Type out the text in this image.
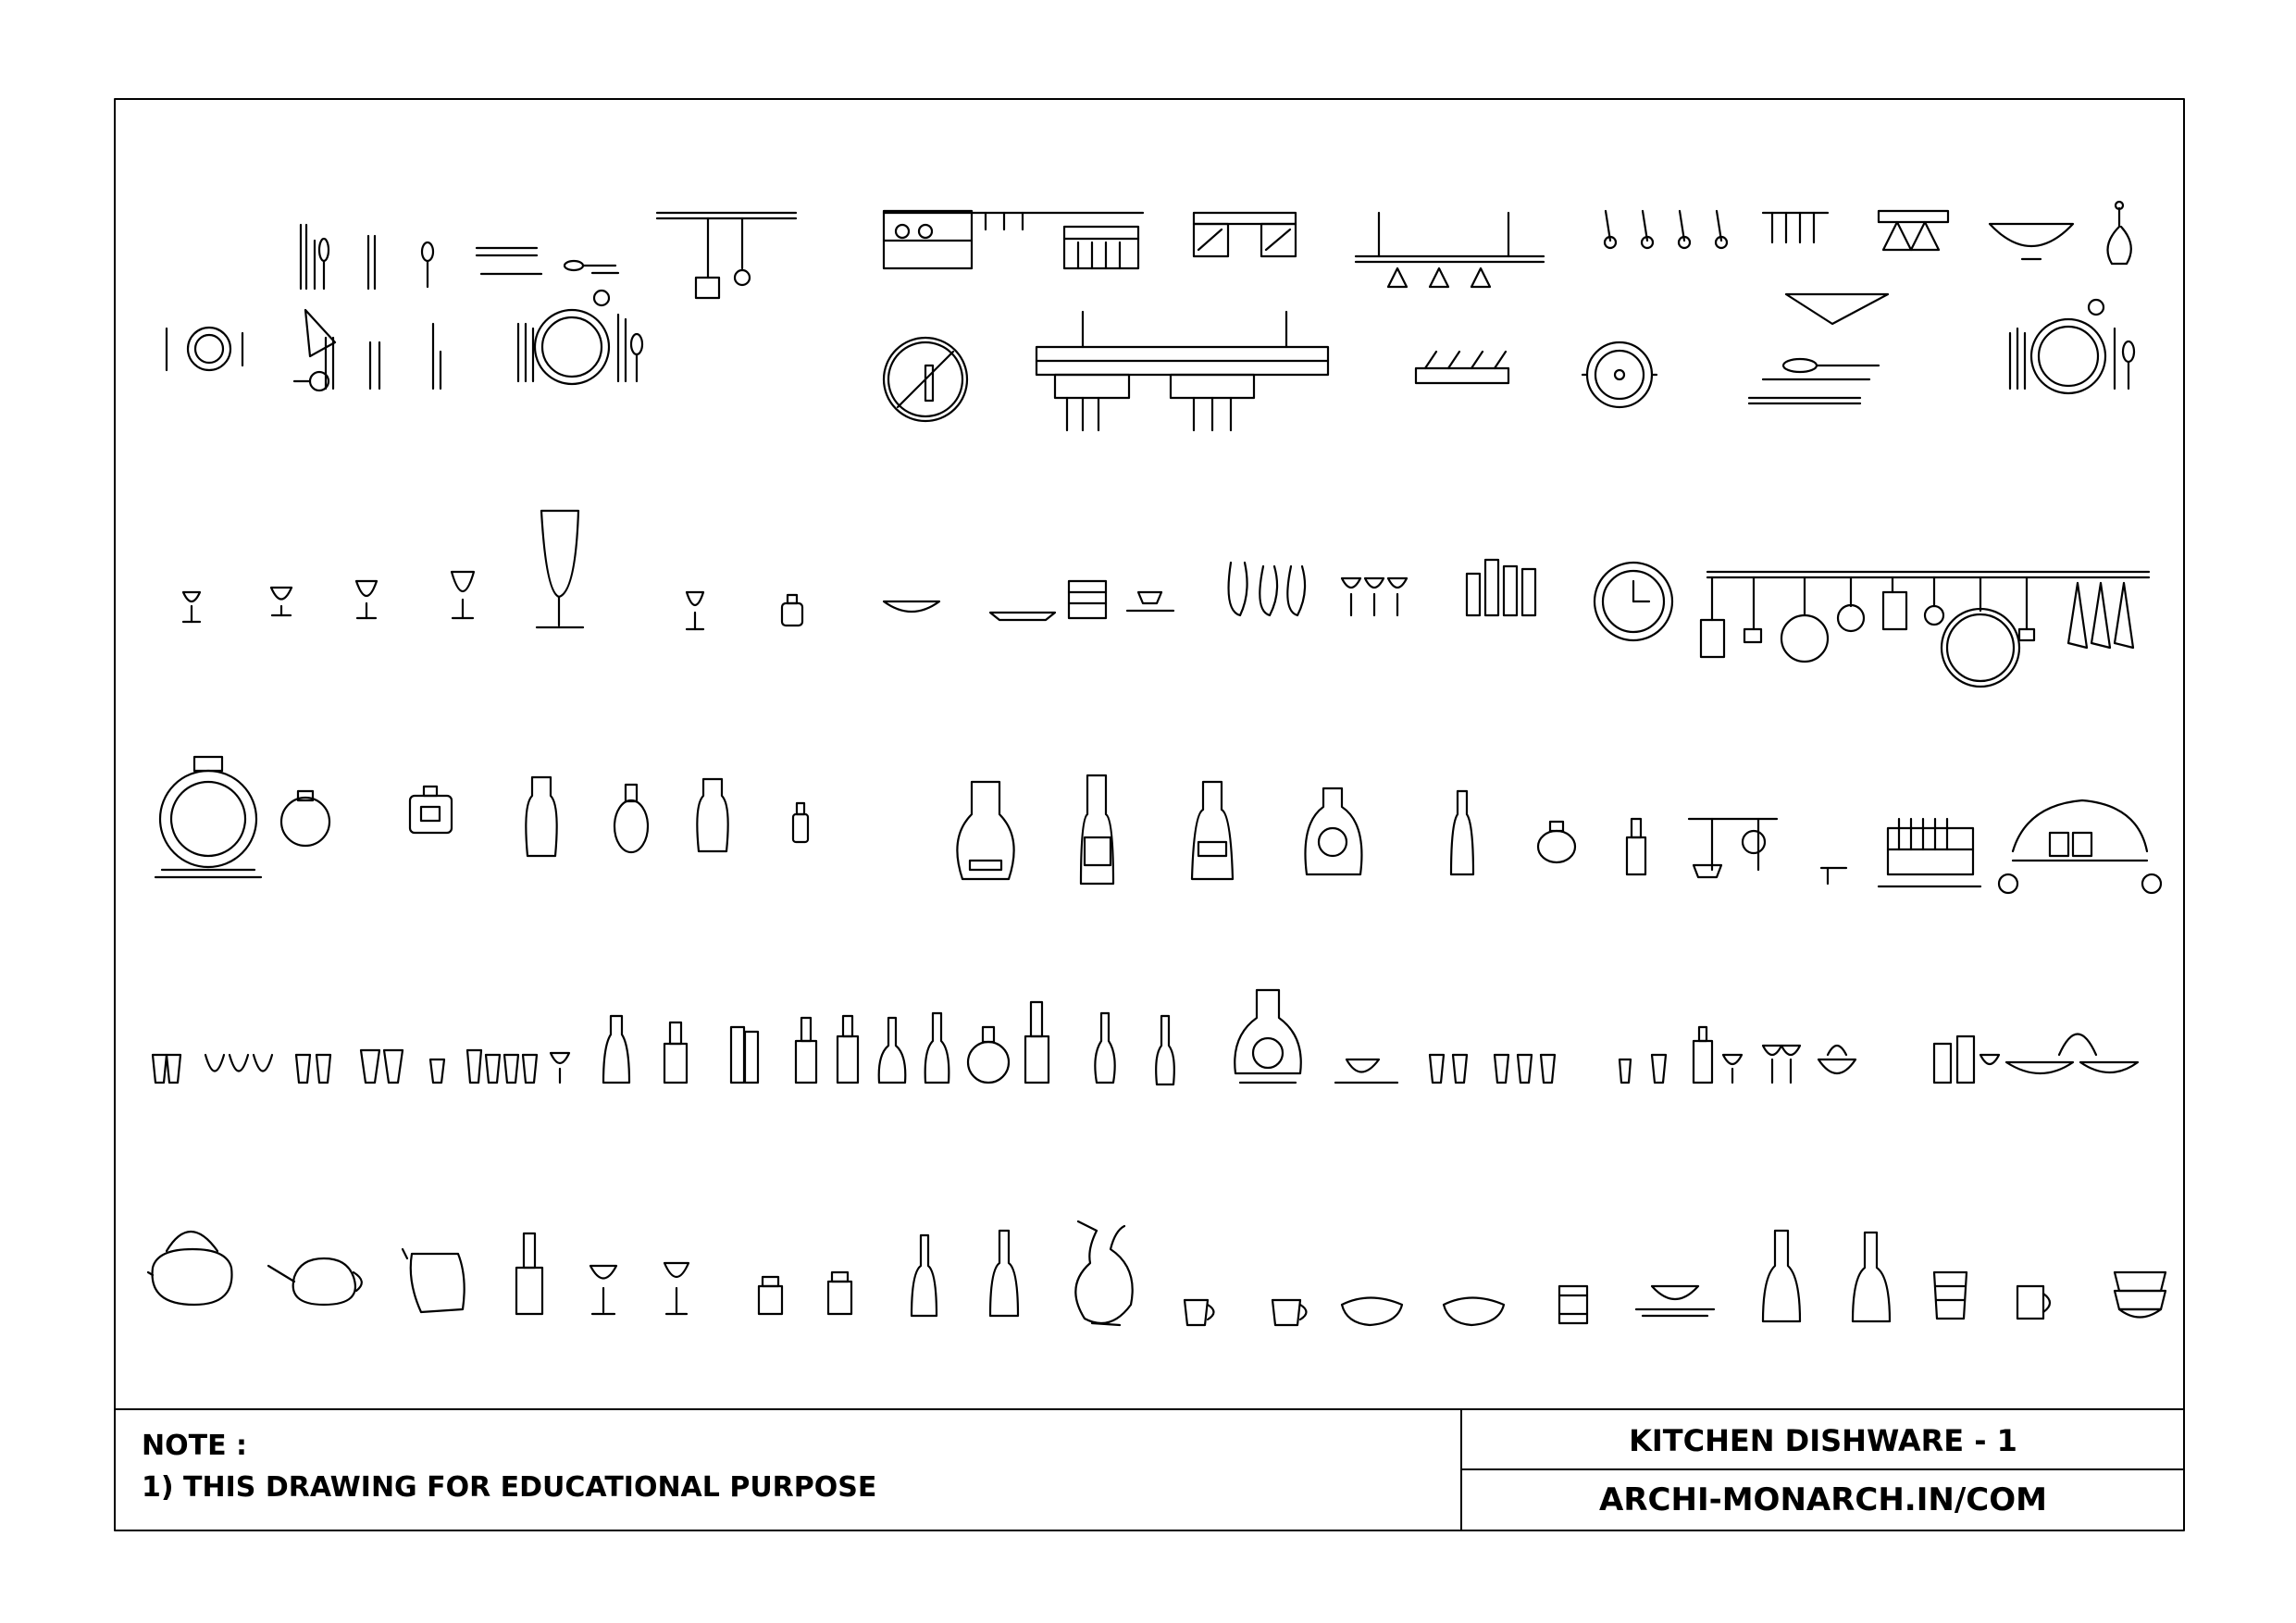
NOTE :
1) THIS DRAWING FOR EDUCATIONAL PURPOSE
KITCHEN DISHWARE - 1
ARCHI-MONARCH.IN/COM
